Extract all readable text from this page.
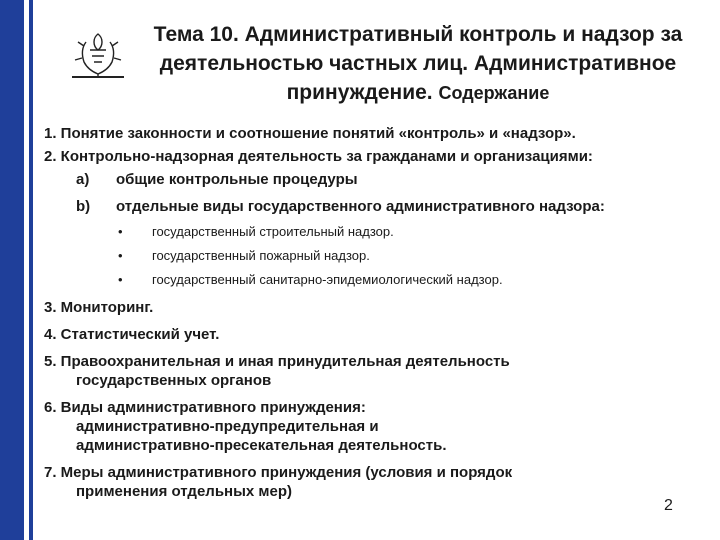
Тема 10. Административный контроль и надзор за деятельностью частных лиц. Административное принуждение. Содержание
1. Понятие законности и соотношение понятий «контроль» и «надзор».
2. Контрольно-надзорная деятельность за гражданами и организациями:
a)	общие контрольные процедуры
b)	отдельные виды государственного административного надзора:
•	государственный строительный надзор.
•	государственный пожарный надзор.
•	государственный санитарно-эпидемиологический надзор.
3. Мониторинг.
4. Статистический учет.
5. Правоохранительная и иная принудительная деятельность
государственных органов
6. Виды административного принуждения:
административно-предупредительная и
административно-пресекательная деятельность.
7. Меры административного принуждения (условия и порядок
применения отдельных мер)
2
